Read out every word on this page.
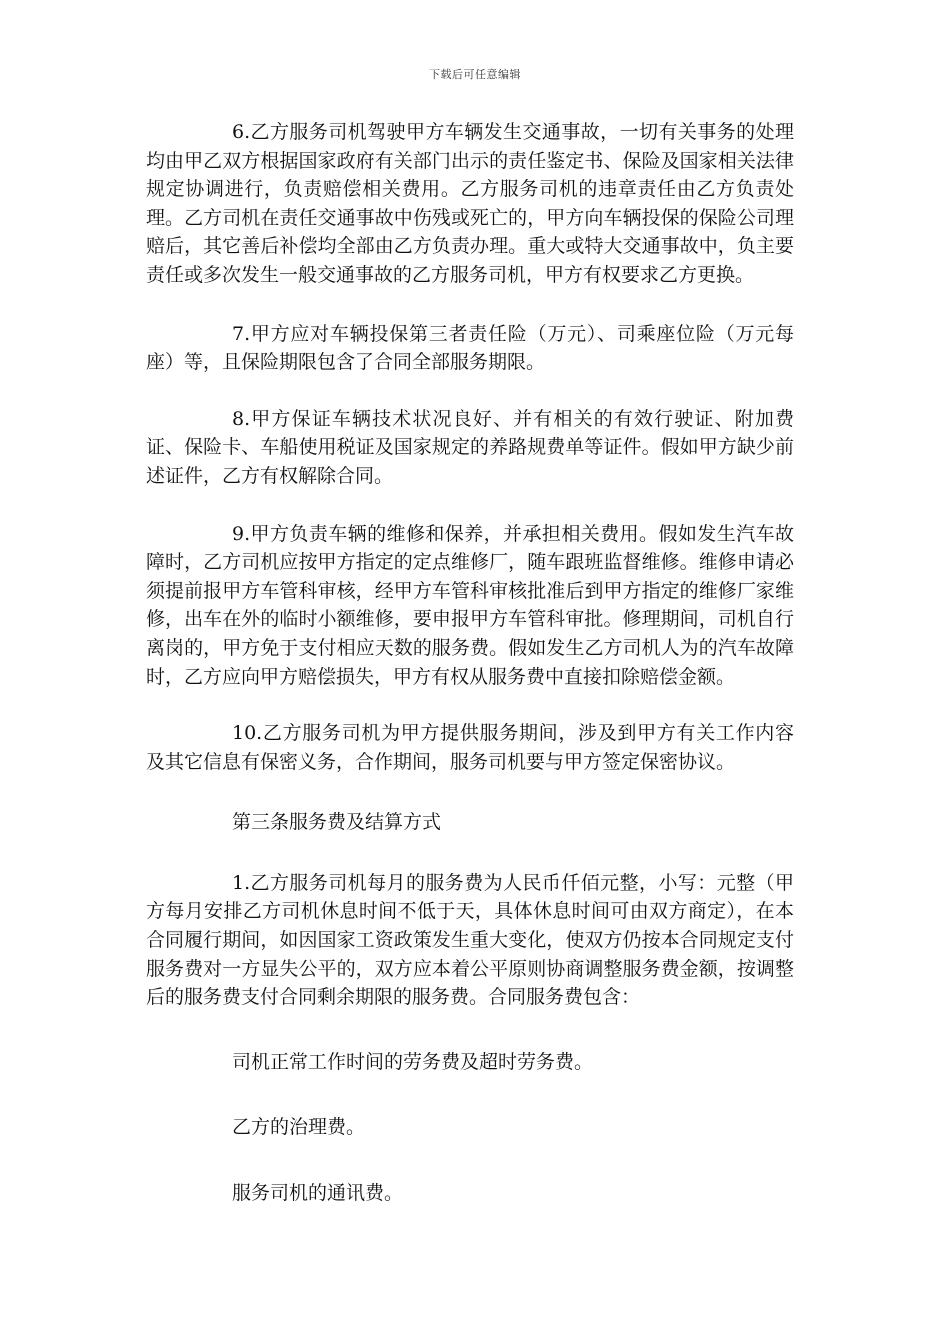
下载后可任意编辑

6.乙方服务司机驾驶甲方车辆发生交通事故，一切有关事务的处理均由甲乙双方根据国家政府有关部门出示的责任鉴定书、保险及国家相关法律规定协调进行，负责赔偿相关费用。乙方服务司机的违章责任由乙方负责处理。乙方司机在责任交通事故中伤残或死亡的，甲方向车辆投保的保险公司理赔后，其它善后补偿均全部由乙方负责办理。重大或特大交通事故中，负主要责任或多次发生一般交通事故的乙方服务司机，甲方有权要求乙方更换。

7.甲方应对车辆投保第三者责任险（万元）、司乘座位险（万元每座）等，且保险期限包含了合同全部服务期限。

8.甲方保证车辆技术状况良好、并有相关的有效行驶证、附加费证、保险卡、车船使用税证及国家规定的养路规费单等证件。假如甲方缺少前述证件，乙方有权解除合同。

9.甲方负责车辆的维修和保养，并承担相关费用。假如发生汽车故障时，乙方司机应按甲方指定的定点维修厂，随车跟班监督维修。维修申请必须提前报甲方车管科审核，经甲方车管科审核批准后到甲方指定的维修厂家维修，出车在外的临时小额维修，要申报甲方车管科审批。修理期间，司机自行离岗的，甲方免于支付相应天数的服务费。假如发生乙方司机人为的汽车故障时，乙方应向甲方赔偿损失，甲方有权从服务费中直接扣除赔偿金额。

10.乙方服务司机为甲方提供服务期间，涉及到甲方有关工作内容及其它信息有保密义务，合作期间，服务司机要与甲方签定保密协议。

第三条服务费及结算方式

1.乙方服务司机每月的服务费为人民币仟佰元整，小写：元整（甲方每月安排乙方司机休息时间不低于天，具体休息时间可由双方商定），在本合同履行期间，如因国家工资政策发生重大变化，使双方仍按本合同规定支付服务费对一方显失公平的，双方应本着公平原则协商调整服务费金额，按调整后的服务费支付合同剩余期限的服务费。合同服务费包含：

司机正常工作时间的劳务费及超时劳务费。

乙方的治理费。

服务司机的通讯费。
